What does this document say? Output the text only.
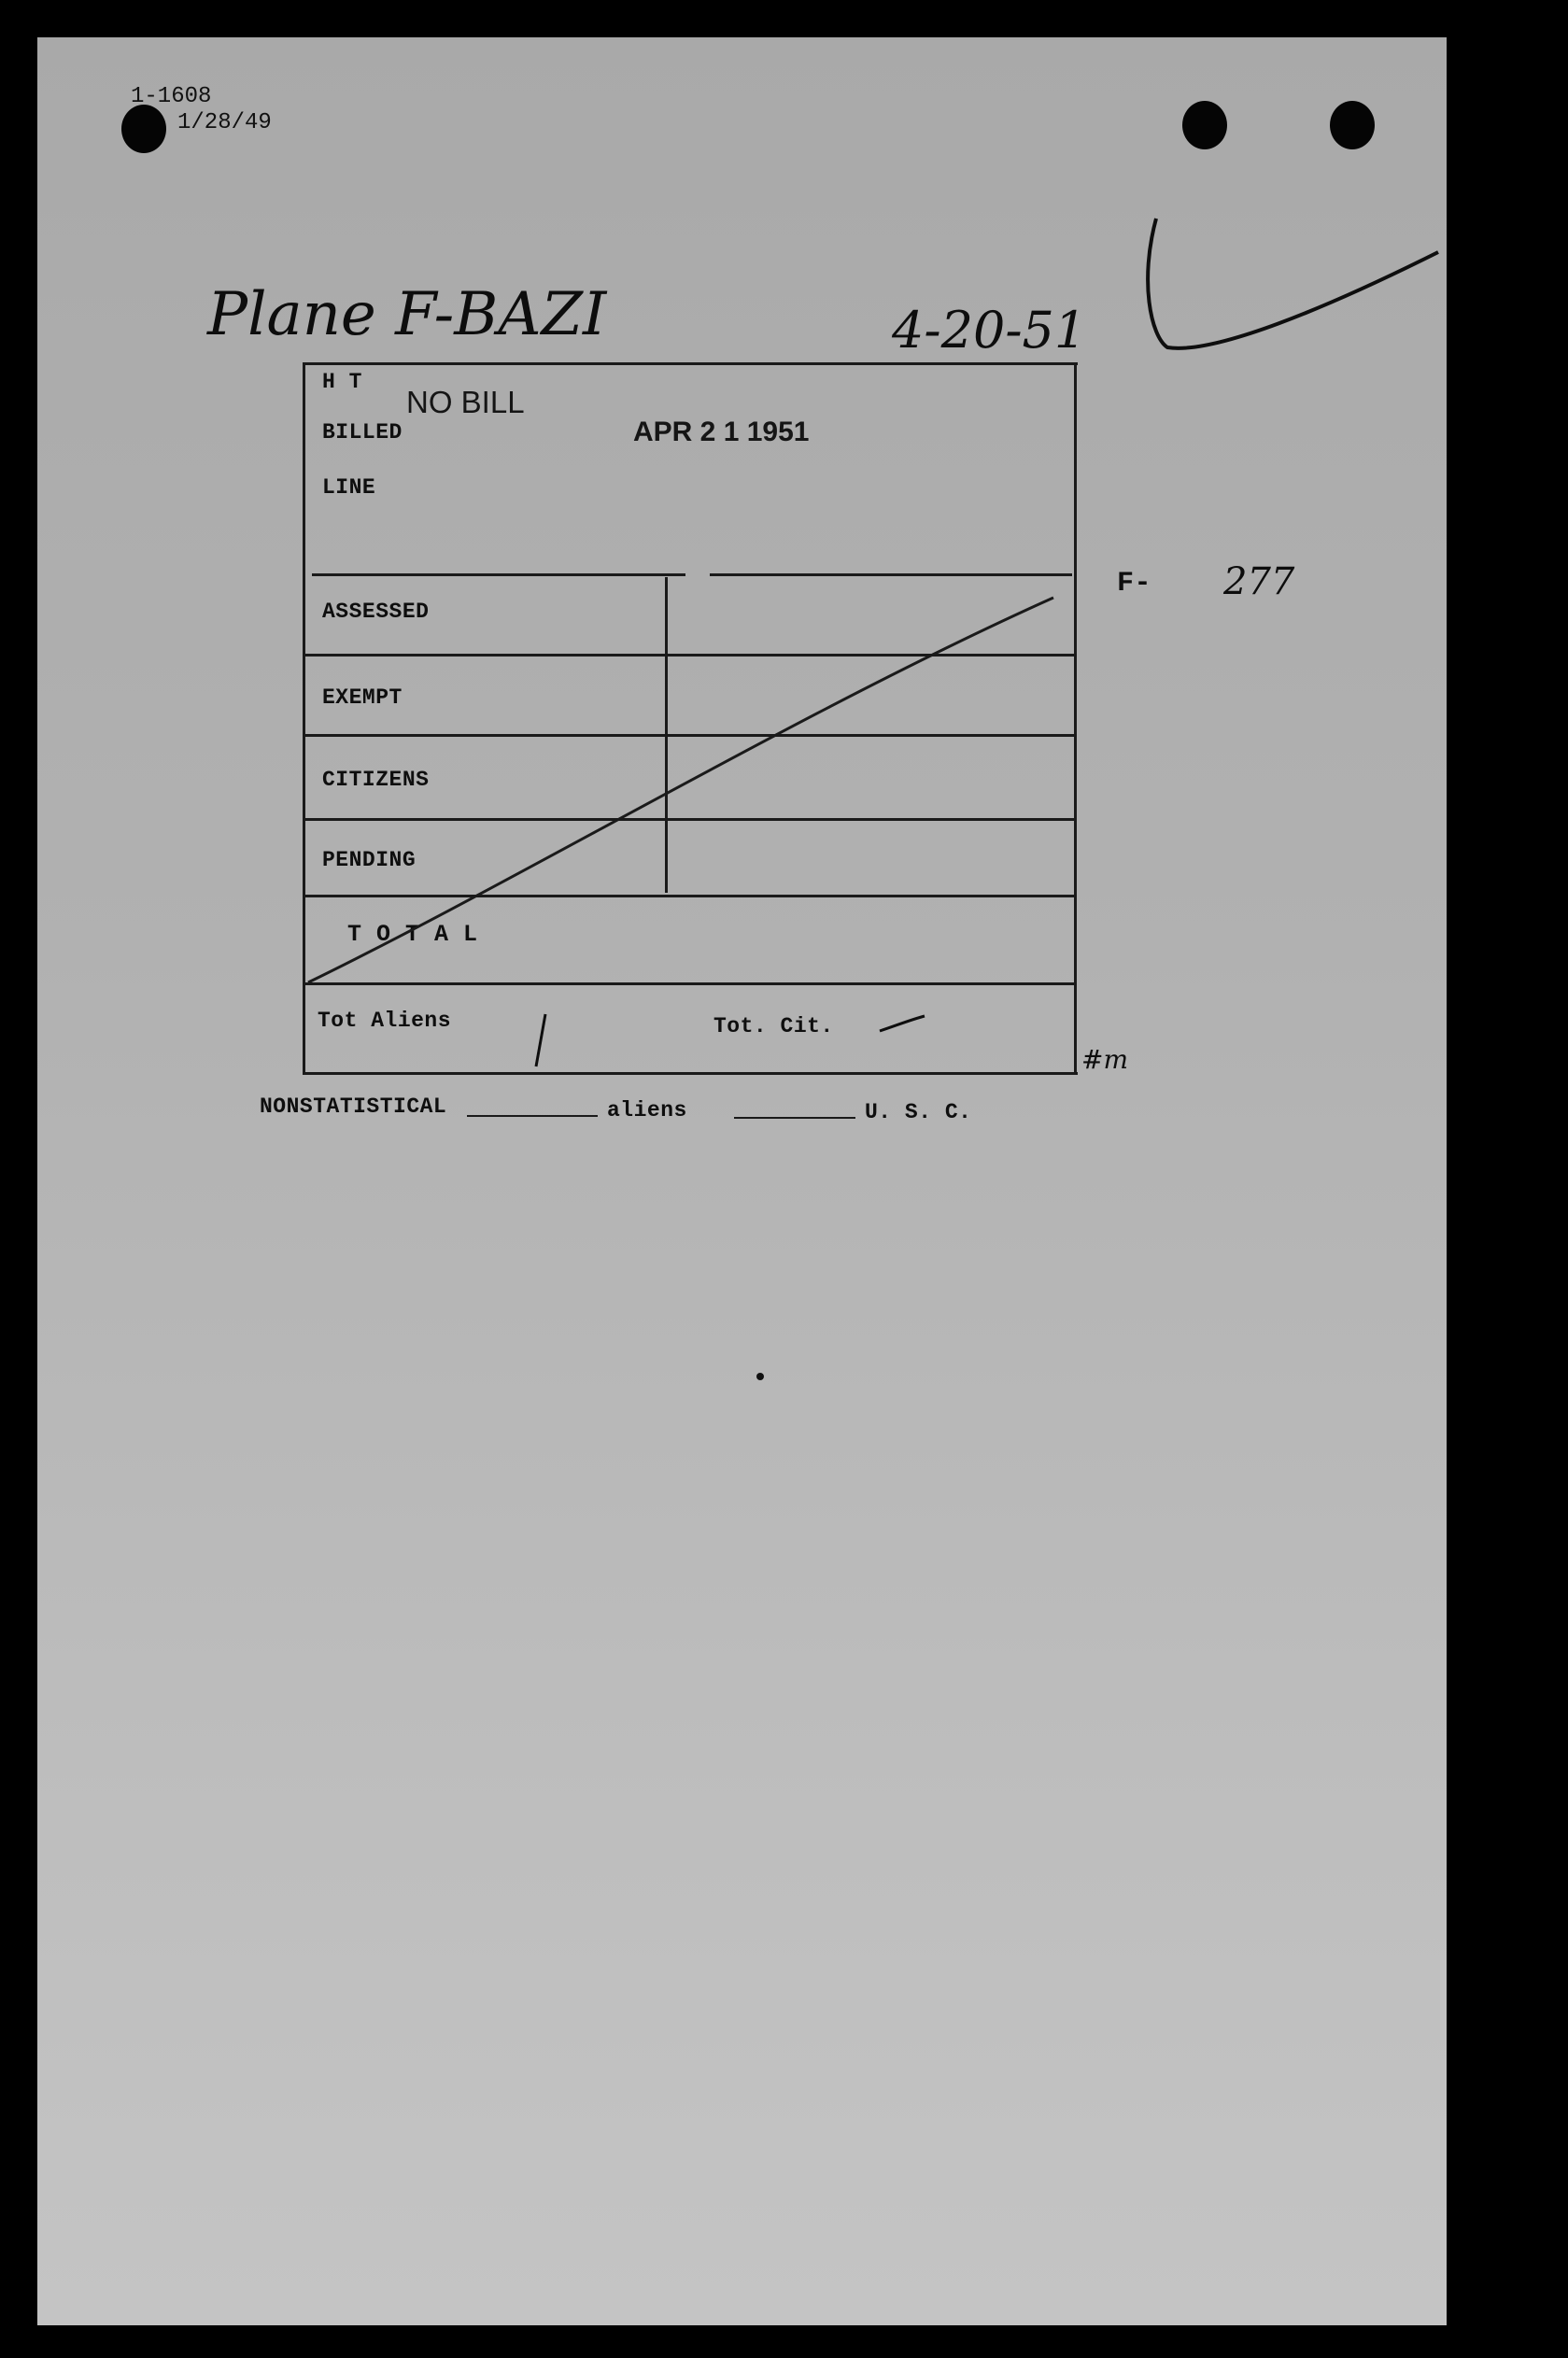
1-1608
1/28/49
Plane F-BAZI	4-20-51
277
#m
NO BILL
APR 2 1 1951
H T
BILLED
LINE
F-
ASSESSED
EXEMPT
CITIZENS
PENDING
T O T A L
Tot Aliens	Tot. Cit.
NONSTATISTICAL	aliens	U. S. C.
